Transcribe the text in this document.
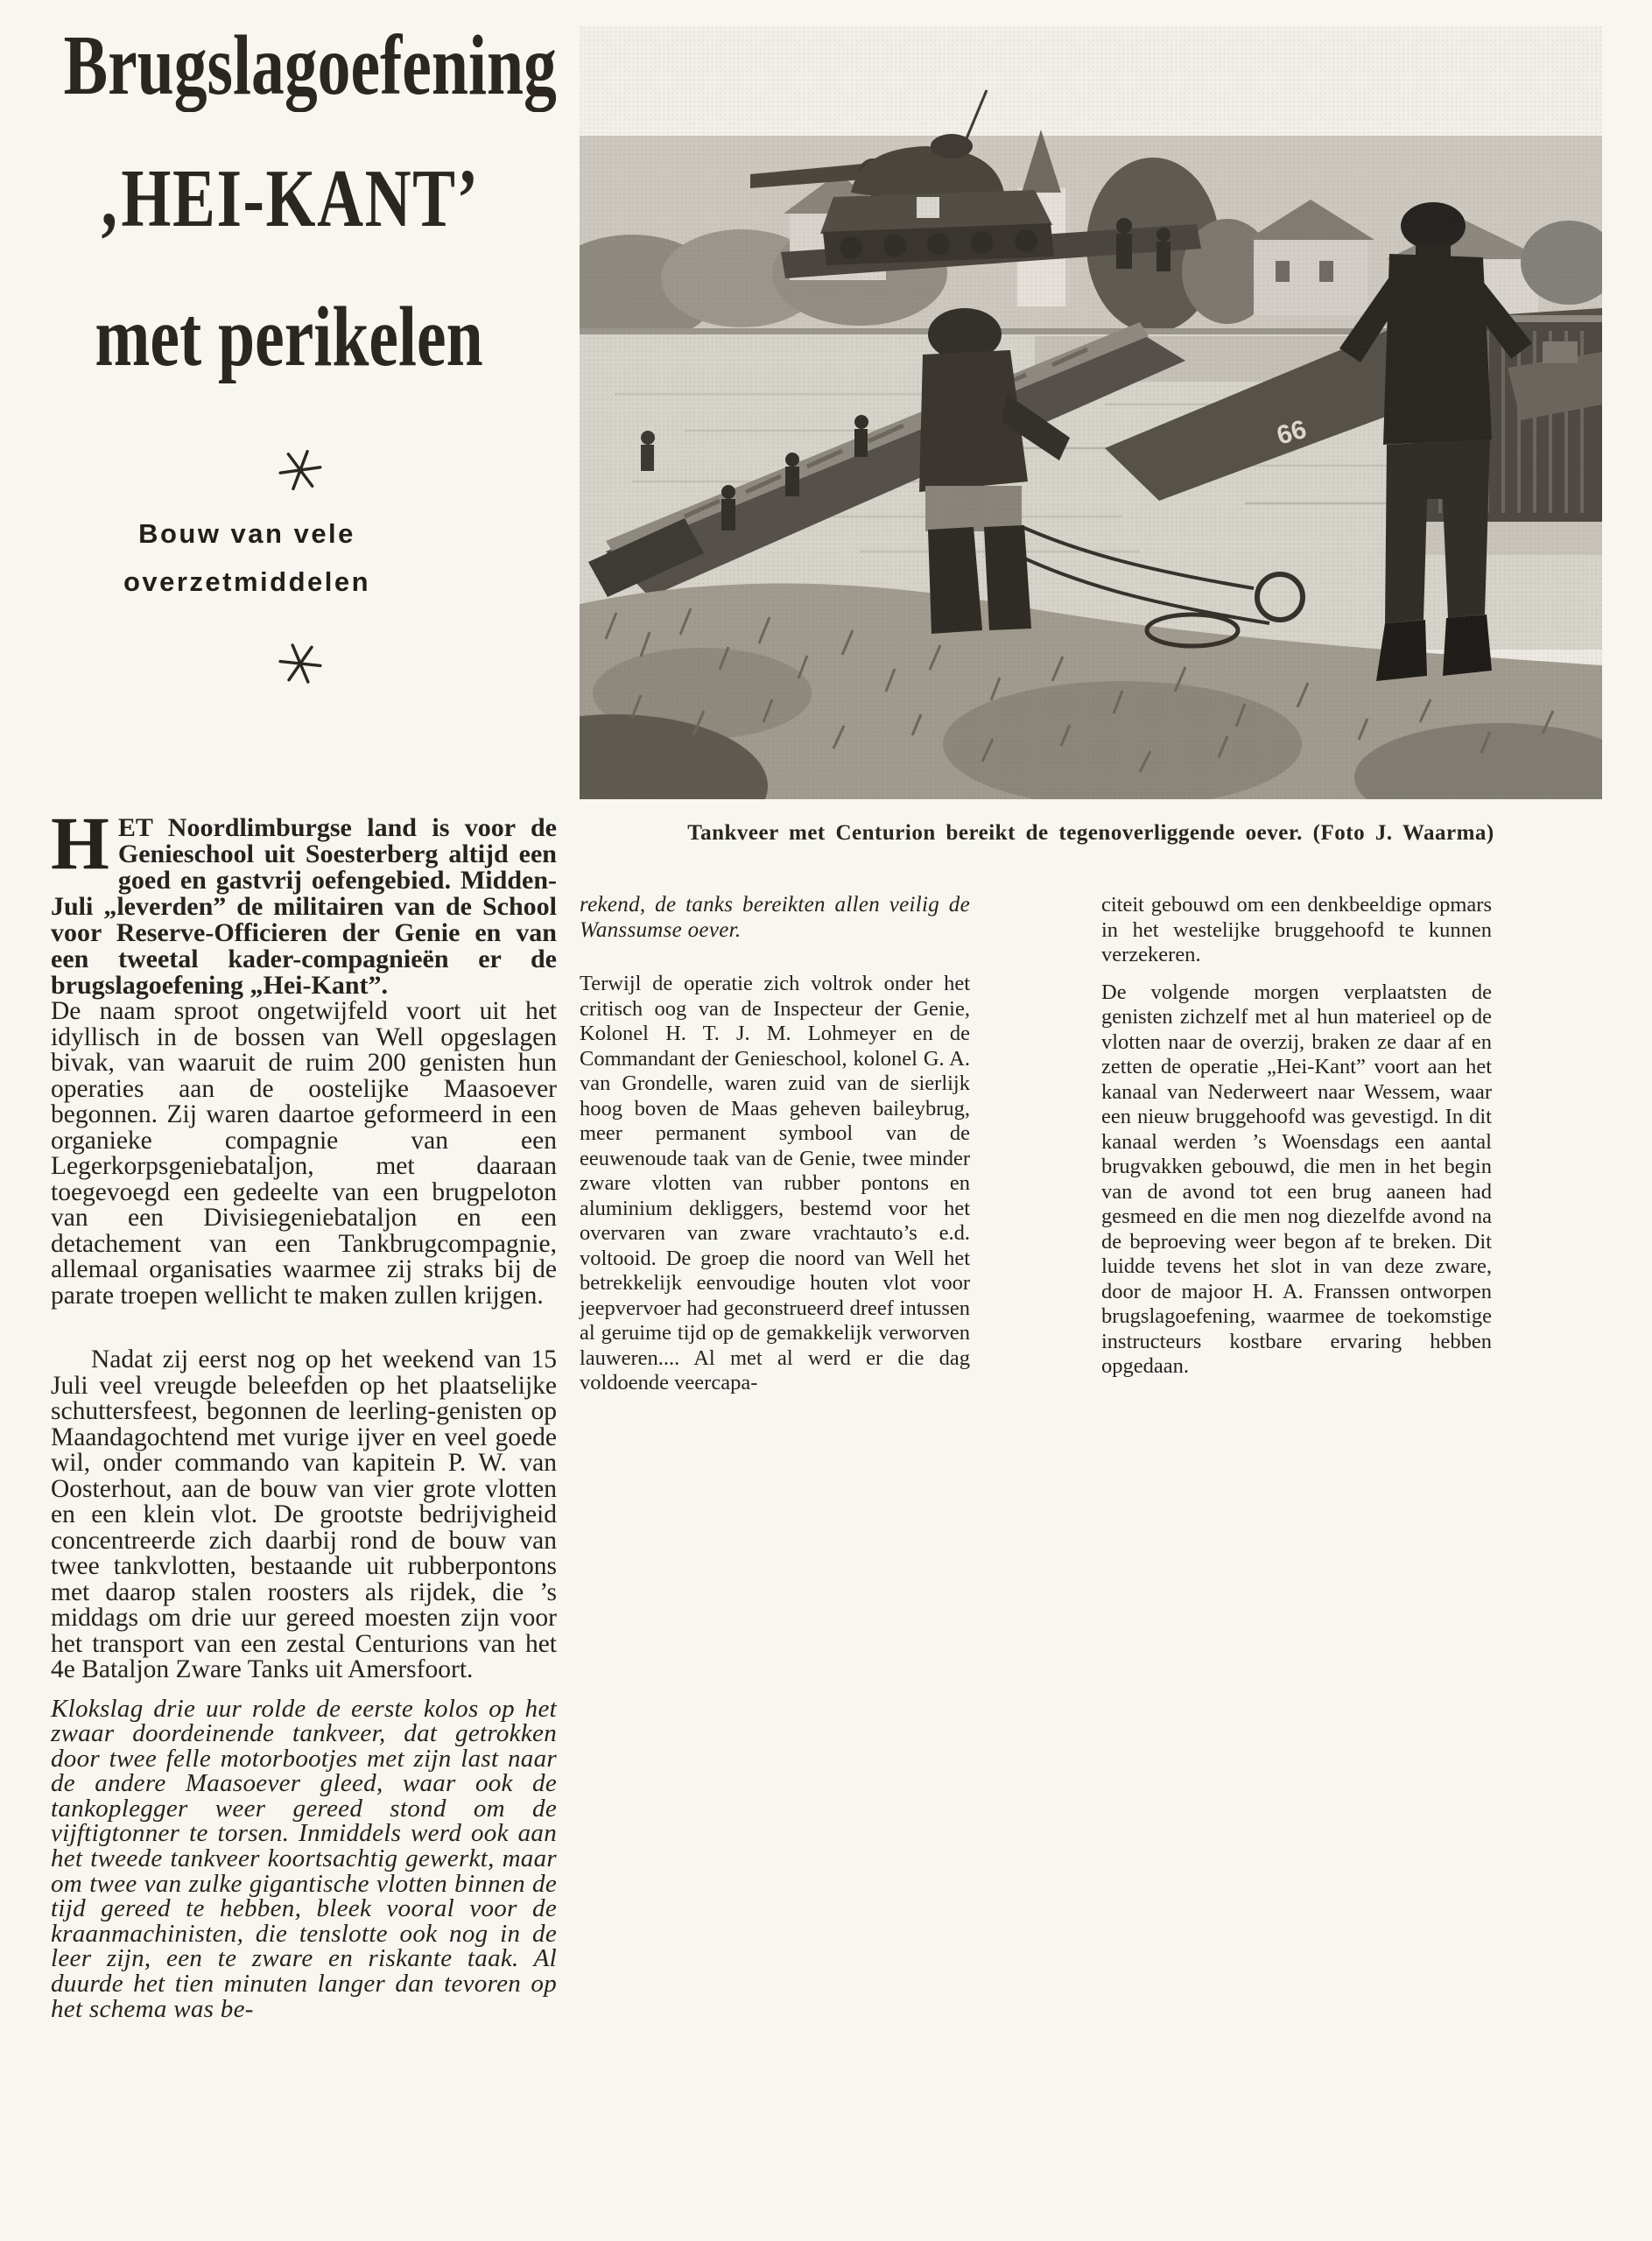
Brugslagoefening
‚HEI-KANT’
met perikelen
Bouw van vele
overzetmiddelen
Tankveer met Centurion bereikt de tegenoverliggende oever. (Foto J. Waarma)

HET Noordlimburgse land is voor de Genieschool uit Soesterberg altijd een goed en gastvrij oefengebied. Midden-Juli „leverden” de militairen van de School voor Reserve-Officieren der Genie en van een tweetal kader-compagnieën er de brugslagoefening „Hei-Kant”.

De naam sproot ongetwijfeld voort uit het idyllisch in de bossen van Well opgeslagen bivak, van waaruit de ruim 200 genisten hun operaties aan de oostelijke Maasoever begonnen. Zij waren daartoe geformeerd in een organieke compagnie van een Legerkorpsgeniebataljon, met daaraan toegevoegd een gedeelte van een brugpeloton van een Divisiegeniebataljon en een detachement van een Tankbrugcompagnie, allemaal organisaties waarmee zij straks bij de parate troepen wellicht te maken zullen krijgen.

Nadat zij eerst nog op het weekend van 15 Juli veel vreugde beleefden op het plaatselijke schuttersfeest, begonnen de leerling-genisten op Maandagochtend met vurige ijver en veel goede wil, onder commando van kapitein P. W. van Oosterhout, aan de bouw van vier grote vlotten en een klein vlot. De grootste bedrijvigheid concentreerde zich daarbij rond de bouw van twee tankvlotten, bestaande uit rubberpontons met daarop stalen roosters als rijdek, die ’s middags om drie uur gereed moesten zijn voor het transport van een zestal Centurions van het 4e Bataljon Zware Tanks uit Amersfoort.

Klokslag drie uur rolde de eerste kolos op het zwaar doordeinende tankveer, dat getrokken door twee felle motorbootjes met zijn last naar de andere Maasoever gleed, waar ook de tankoplegger weer gereed stond om de vijftigtonner te torsen. Inmiddels werd ook aan het tweede tankveer koortsachtig gewerkt, maar om twee van zulke gigantische vlotten binnen de tijd gereed te hebben, bleek vooral voor de kraanmachinisten, die tenslotte ook nog in de leer zijn, een te zware en riskante taak. Al duurde het tien minuten langer dan tevoren op het schema was be-

rekend, de tanks bereikten allen veilig de Wanssumse oever.

Terwijl de operatie zich voltrok onder het critisch oog van de Inspecteur der Genie, Kolonel H. T. J. M. Lohmeyer en de Commandant der Genieschool, kolonel G. A. van Grondelle, waren zuid van de sierlijk hoog boven de Maas geheven baileybrug, meer permanent symbool van de eeuwenoude taak van de Genie, twee minder zware vlotten van rubber pontons en aluminium dekliggers, bestemd voor het overvaren van zware vrachtauto’s e.d. voltooid. De groep die noord van Well het betrekkelijk eenvoudige houten vlot voor jeepvervoer had geconstrueerd dreef intussen al geruime tijd op de gemakkelijk verworven lauweren.... Al met al werd er die dag voldoende veercapa-

citeit gebouwd om een denkbeeldige opmars in het westelijke bruggehoofd te kunnen verzekeren.

De volgende morgen verplaatsten de genisten zichzelf met al hun materieel op de vlotten naar de overzij, braken ze daar af en zetten de operatie „Hei-Kant” voort aan het kanaal van Nederweert naar Wessem, waar een nieuw bruggehoofd was gevestigd. In dit kanaal werden ’s Woensdags een aantal brugvakken gebouwd, die men in het begin van de avond tot een brug aaneen had gesmeed en die men nog diezelfde avond na de beproeving weer begon af te breken. Dit luidde tevens het slot in van deze zware, door de majoor H. A. Franssen ontworpen brugslagoefening, waarmee de toekomstige instructeurs kostbare ervaring hebben opgedaan.
